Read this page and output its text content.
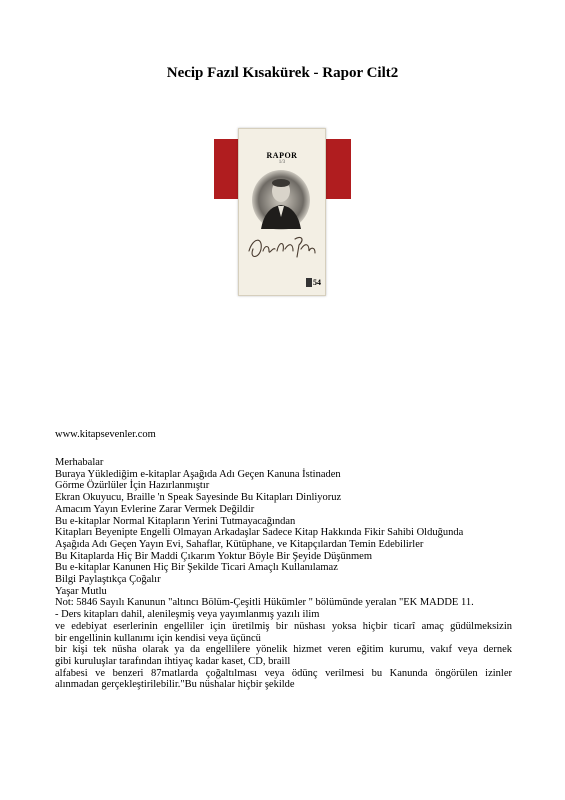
Necip Fazıl Kısakürek - Rapor Cilt2
RAPOR
1/3
54
www.kitapsevenler.com
Merhabalar
Buraya Yüklediğim e-kitaplar Aşağıda Adı Geçen Kanuna İstinaden
Görme Özürlüler İçin Hazırlanmıştır
Ekran Okuyucu, Braille 'n Speak Sayesinde Bu Kitapları Dinliyoruz
Amacım Yayın Evlerine Zarar Vermek Değildir
Bu e-kitaplar Normal Kitapların Yerini Tutmayacağından
Kitapları Beyenipte Engelli Olmayan Arkadaşlar Sadece Kitap Hakkında Fikir Sahibi Olduğunda
Aşağıda Adı Geçen Yayın Evi, Sahaflar, Kütüphane, ve Kitapçılardan Temin Edebilirler
Bu Kitaplarda Hiç Bir Maddi Çıkarım Yoktur Böyle Bir Şeyide Düşünmem
Bu e-kitaplar Kanunen Hiç Bir Şekilde Ticari Amaçlı Kullanılamaz
Bilgi Paylaştıkça Çoğalır
Yaşar Mutlu
Not: 5846 Sayılı Kanunun "altıncı Bölüm-Çeşitli Hükümler " bölümünde yeralan "EK MADDE 11.
- Ders kitapları dahil, alenileşmiş veya yayımlanmış yazılı ilim
ve edebiyat eserlerinin engelliler için üretilmiş bir nüshası yoksa hiçbir ticarî amaç güdülmeksizin
bir engellinin kullanımı için kendisi veya üçüncü
bir kişi tek nüsha olarak ya da engellilere yönelik hizmet veren eğitim kurumu, vakıf veya dernek
gibi kuruluşlar tarafından ihtiyaç kadar kaset, CD, braill
alfabesi ve benzeri 87matlarda çoğaltılması veya ödünç verilmesi bu Kanunda öngörülen izinler
alınmadan gerçekleştirilebilir."Bu nüshalar hiçbir şekilde
